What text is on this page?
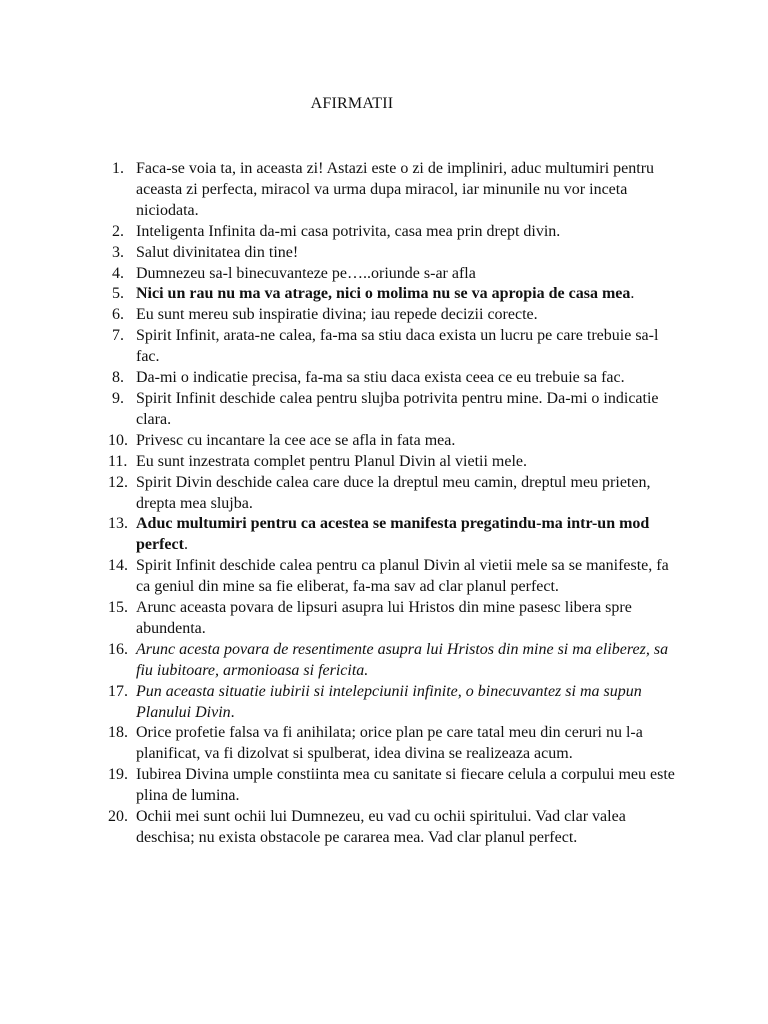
AFIRMATII
1. Faca-se voia ta, in aceasta zi! Astazi este o zi de impliniri, aduc multumiri pentru aceasta zi perfecta, miracol va urma dupa miracol, iar minunile nu vor inceta niciodata.
2. Inteligenta Infinita da-mi casa potrivita, casa mea prin drept divin.
3. Salut divinitatea din tine!
4. Dumnezeu sa-l binecuvanteze pe…..oriunde s-ar afla
5. Nici un rau nu ma va atrage, nici o molima nu se va apropia de casa mea.
6. Eu sunt mereu sub inspiratie divina; iau repede decizii corecte.
7. Spirit Infinit, arata-ne calea, fa-ma sa stiu daca exista un lucru pe care trebuie sa-l fac.
8. Da-mi o indicatie precisa, fa-ma sa stiu daca exista ceea ce eu trebuie sa fac.
9. Spirit Infinit deschide calea pentru slujba potrivita pentru mine. Da-mi o indicatie clara.
10. Privesc cu incantare la cee ace se afla in fata mea.
11. Eu sunt inzestrata complet pentru Planul Divin al vietii mele.
12. Spirit Divin deschide calea care duce la dreptul meu camin, dreptul meu prieten, drepta mea slujba.
13. Aduc multumiri pentru ca acestea se manifesta pregatindu-ma intr-un mod perfect.
14. Spirit Infinit deschide calea pentru ca planul Divin al vietii mele sa se manifeste, fa ca geniul din mine sa fie eliberat, fa-ma sav ad clar planul perfect.
15. Arunc aceasta povara de lipsuri asupra lui Hristos din mine pasesc libera spre abundenta.
16. Arunc acesta povara de resentimente asupra lui Hristos din mine si ma eliberez, sa fiu iubitoare, armonioasa si fericita.
17. Pun aceasta situatie iubirii si intelepciunii infinite, o binecuvantez si ma supun Planului Divin.
18. Orice profetie falsa va fi anihilata; orice plan pe care tatal meu din ceruri nu l-a planificat, va fi dizolvat si spulberat, idea divina se realizeaza acum.
19. Iubirea Divina umple constiinta mea cu sanitate si fiecare celula a corpului meu este plina de lumina.
20. Ochii mei sunt ochii lui Dumnezeu, eu vad cu ochii spiritului. Vad clar valea deschisa; nu exista obstacole pe cararea mea. Vad clar planul perfect.
